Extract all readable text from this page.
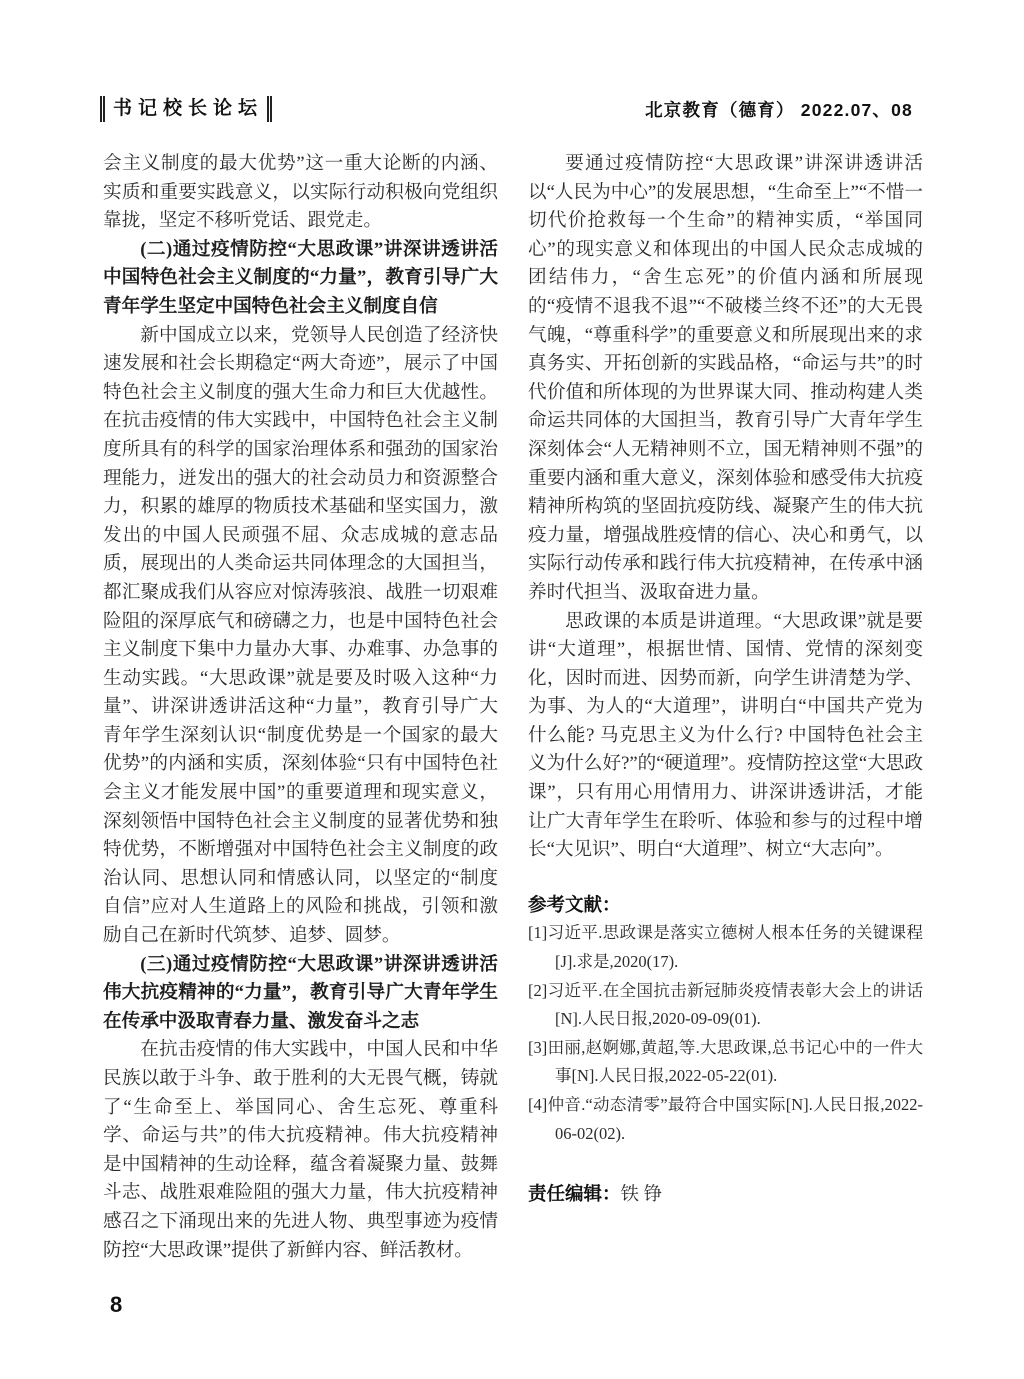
书记校长论坛	北京教育（德育） 2022.07、08

会主义制度的最大优势”这一重大论断的内涵、实质和重要实践意义，以实际行动积极向党组织靠拢，坚定不移听党话、跟党走。

(二)通过疫情防控“大思政课”讲深讲透讲活中国特色社会主义制度的“力量”，教育引导广大青年学生坚定中国特色社会主义制度自信

新中国成立以来，党领导人民创造了经济快速发展和社会长期稳定“两大奇迹”，展示了中国特色社会主义制度的强大生命力和巨大优越性。在抗击疫情的伟大实践中，中国特色社会主义制度所具有的科学的国家治理体系和强劲的国家治理能力，迸发出的强大的社会动员力和资源整合力，积累的雄厚的物质技术基础和坚实国力，激发出的中国人民顽强不屈、众志成城的意志品质，展现出的人类命运共同体理念的大国担当，都汇聚成我们从容应对惊涛骇浪、战胜一切艰难险阻的深厚底气和磅礴之力，也是中国特色社会主义制度下集中力量办大事、办难事、办急事的生动实践。“大思政课”就是要及时吸入这种“力量”、讲深讲透讲活这种“力量”，教育引导广大青年学生深刻认识“制度优势是一个国家的最大优势”的内涵和实质，深刻体验“只有中国特色社会主义才能发展中国”的重要道理和现实意义，深刻领悟中国特色社会主义制度的显著优势和独特优势，不断增强对中国特色社会主义制度的政治认同、思想认同和情感认同，以坚定的“制度自信”应对人生道路上的风险和挑战，引领和激励自己在新时代筑梦、追梦、圆梦。

(三)通过疫情防控“大思政课”讲深讲透讲活伟大抗疫精神的“力量”，教育引导广大青年学生在传承中汲取青春力量、激发奋斗之志

在抗击疫情的伟大实践中，中国人民和中华民族以敢于斗争、敢于胜利的大无畏气概，铸就了“生命至上、举国同心、舍生忘死、尊重科学、命运与共”的伟大抗疫精神。伟大抗疫精神是中国精神的生动诠释，蕴含着凝聚力量、鼓舞斗志、战胜艰难险阻的强大力量，伟大抗疫精神感召之下涌现出来的先进人物、典型事迹为疫情防控“大思政课”提供了新鲜内容、鲜活教材。

要通过疫情防控“大思政课”讲深讲透讲活以“人民为中心”的发展思想，“生命至上”“不惜一切代价抢救每一个生命”的精神实质，“举国同心”的现实意义和体现出的中国人民众志成城的团结伟力，“舍生忘死”的价值内涵和所展现的“疫情不退我不退”“不破楼兰终不还”的大无畏气魄，“尊重科学”的重要意义和所展现出来的求真务实、开拓创新的实践品格，“命运与共”的时代价值和所体现的为世界谋大同、推动构建人类命运共同体的大国担当，教育引导广大青年学生深刻体会“人无精神则不立，国无精神则不强”的重要内涵和重大意义，深刻体验和感受伟大抗疫精神所构筑的坚固抗疫防线、凝聚产生的伟大抗疫力量，增强战胜疫情的信心、决心和勇气，以实际行动传承和践行伟大抗疫精神，在传承中涵养时代担当、汲取奋进力量。

思政课的本质是讲道理。“大思政课”就是要讲“大道理”，根据世情、国情、党情的深刻变化，因时而进、因势而新，向学生讲清楚为学、为事、为人的“大道理”，讲明白“中国共产党为什么能? 马克思主义为什么行? 中国特色社会主义为什么好?”的“硬道理”。疫情防控这堂“大思政课”，只有用心用情用力、讲深讲透讲活，才能让广大青年学生在聆听、体验和参与的过程中增长“大见识”、明白“大道理”、树立“大志向”。

参考文献：

[1]习近平.思政课是落实立德树人根本任务的关键课程[J].求是,2020(17).

[2]习近平.在全国抗击新冠肺炎疫情表彰大会上的讲话[N].人民日报,2020-09-09(01).

[3]田丽,赵婀娜,黄超,等.大思政课,总书记心中的一件大事[N].人民日报,2022-05-22(01).

[4]仲音.“动态清零”最符合中国实际[N].人民日报,2022-06-02(02).

责任编辑：铁 铮

8
